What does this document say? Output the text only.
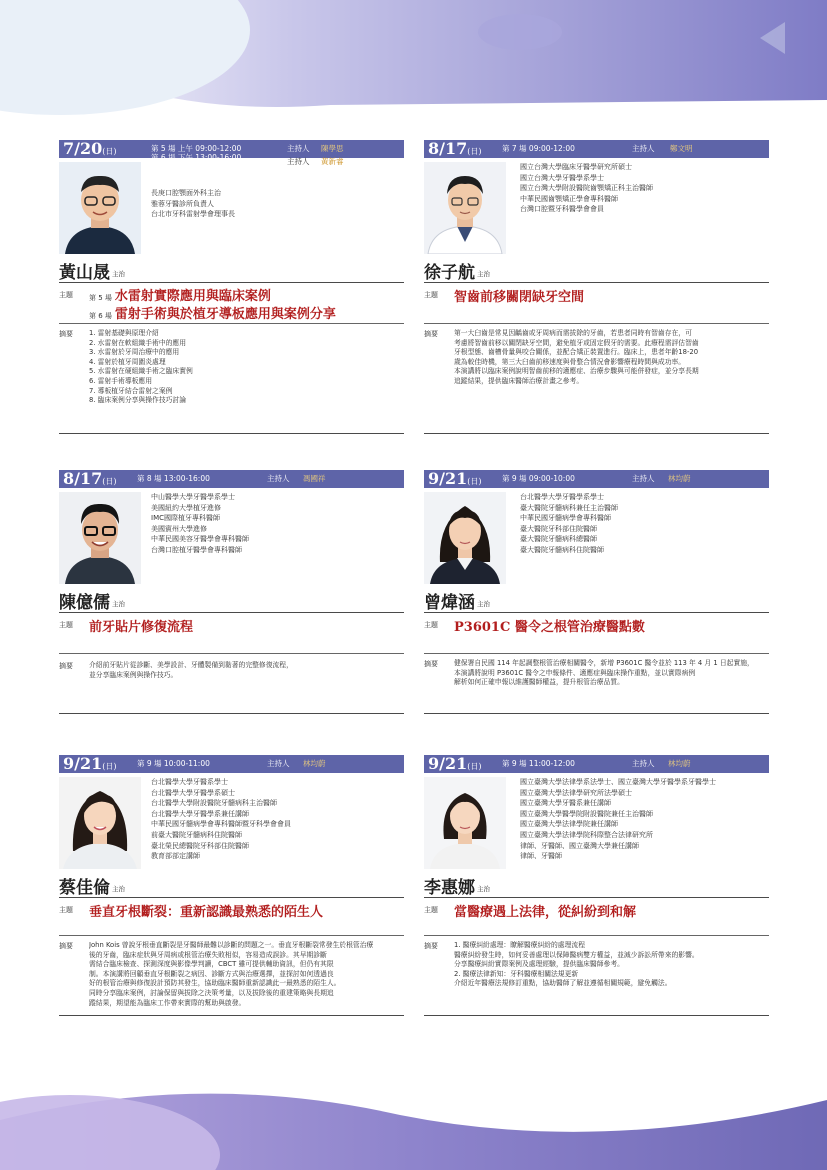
7/20(日)	第 5 場 上午 09:00-12:00
第 6 場 下午 13:00-16:00
主持人 陳學思
主持人 黃新睿
長庚口腔顎面外科主治
雅蓉牙醫診所負責人
台北市牙科雷射學會理事長
黃山晟 主治
主題 第 5 場 水雷射實際應用與臨床案例
第 6 場 雷射手術與於植牙導板應用與案例分享
摘要 1. 雷射基礎與原理介紹
2. 水雷射在軟組織手術中的應用
3. 水雷射於牙周治療中的應用
4. 雷射於植牙周圍炎處理
5. 水雷射在硬組織手術之臨床實例
6. 雷射手術導板應用
7. 導板植牙結合雷射之案例
8. 臨床案例分享與操作技巧討論
8/17(日)	第 7 場 09:00-12:00	主持人 鄭文明
國立台灣大學臨床牙醫學研究所碩士
國立台灣大學牙醫學系學士
國立台灣大學附設醫院齒顎矯正科主治醫師
中華民國齒顎矯正學會專科醫師
台灣口腔暨牙科醫學會會員
徐子航 主治
主題 智齒前移關閉缺牙空間
摘要 第一大臼齒是常見因齲齒或牙周病而需拔除的牙齒，若患者同時有智齒存在，可
考慮將智齒前移以關閉缺牙空間，避免植牙或固定假牙的需要。此療程需評估智齒
牙根型態、齒槽骨量與咬合關係，並配合矯正裝置進行。臨床上，患者年齡18-20
歲為較佳時機，第三大臼齒前移速度與骨整合情況會影響療程時間與成功率。
本演講將以臨床案例說明智齒前移的適應症、治療步驟與可能併發症，並分享長期
追蹤結果，提供臨床醫師治療計畫之參考。
8/17(日)	第 8 場 13:00-16:00	主持人 馮國祥
中山醫學大學牙醫學系學士
美國紐約大學植牙進修
IMC國際植牙專科醫師
美國賓州大學進修
中華民國美容牙醫學會專科醫師
台灣口腔植牙醫學會專科醫師
陳億儒 主治
主題 前牙貼片修復流程
摘要 介紹前牙貼片從診斷、美學設計、牙體製備到黏著的完整修復流程，
並分享臨床案例與操作技巧。
9/21(日)	第 9 場 09:00-10:00	主持人 林均蔚
台北醫學大學牙醫學系學士
臺大醫院牙髓病科兼任主治醫師
中華民國牙髓病學會專科醫師
臺大醫院牙科部住院醫師
臺大醫院牙髓病科總醫師
臺大醫院牙髓病科住院醫師
曾煒涵 主治
主題 P3601C 醫令之根管治療醫點數
摘要 健保署自民國 114 年起調整根管治療相關醫令，新增 P3601C 醫令並於 113 年 4 月 1 日起實施，
本演講將說明 P3601C 醫令之申報條件、適應症與臨床操作重點，並以實際病例
解析如何正確申報以維護醫師權益，提升根管治療品質。
9/21(日)	第 9 場 10:00-11:00	主持人 林均蔚
台北醫學大學牙醫系學士
台北醫學大學牙醫學系碩士
台北醫學大學附設醫院牙髓病科主治醫師
台北醫學大學牙醫學系兼任講師
中華民國牙髓病學會專科醫師暨牙科學會會員
前臺大醫院牙髓病科住院醫師
臺北榮民總醫院牙科部住院醫師
教育部部定講師
蔡佳倫 主治
主題 垂直牙根斷裂：重新認識最熟悉的陌生人
摘要 John Kois 曾說牙根垂直斷裂是牙醫師最難以診斷的問題之一。垂直牙根斷裂常發生於根管治療
後的牙齒，臨床症狀與牙周病或根管治療失敗相似，容易造成誤診。其早期診斷
需結合臨床檢查、探測深度與影像學判讀，CBCT 雖可提供輔助資訊，但仍有其限
制。本演講將回顧垂直牙根斷裂之病因、診斷方式與治療選擇，並探討如何透過良
好的根管治療與修復設計預防其發生，協助臨床醫師重新認識此一最熟悉的陌生人。
同時分享臨床案例，討論保留與拔除之決策考量，以及拔除後的重建策略與長期追
蹤結果，期望能為臨床工作帶來實際的幫助與啟發。
9/21(日)	第 9 場 11:00-12:00	主持人 林均蔚
國立臺灣大學法律學系法學士、國立臺灣大學牙醫學系牙醫學士
國立臺灣大學法律學研究所法學碩士
國立臺灣大學牙醫系兼任講師
國立臺灣大學醫學院附設醫院兼任主治醫師
國立臺灣大學法律學院兼任講師
國立臺灣大學法律學院科際整合法律研究所
律師、牙醫師、國立臺灣大學兼任講師
律師、牙醫師
李惠娜 主治
主題 當醫療遇上法律，從糾紛到和解
摘要 1. 醫療糾紛處理：瞭解醫療糾紛的處理流程
醫療糾紛發生時，如何妥善處理以保障醫病雙方權益，並減少訴訟所帶來的影響。
分享醫療糾紛實際案例及處理經驗，提供臨床醫師參考。
2. 醫療法律新知：牙科醫療相關法規更新
介紹近年醫療法規修訂重點，協助醫師了解並遵循相關規範，避免觸法。
